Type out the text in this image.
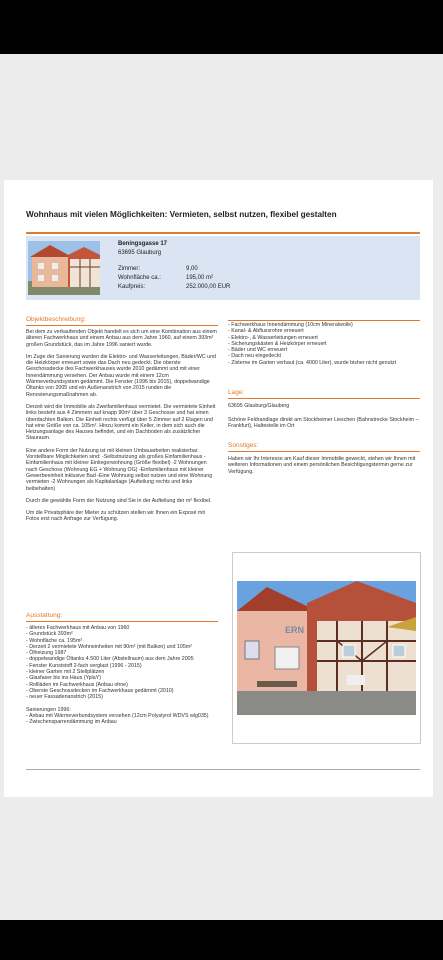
Wohnhaus mit vielen Möglichkeiten: Vermieten, selbst nutzen, flexibel gestalten
Beningsgasse 17
63695 Glauburg
Zimmer:	9,00
Wohnfläche ca.:	195,00 m²
Kaufpreis:	252.000,00 EUR
Objektbeschreibung:

Bei dem zu verkaufenden Objekt handelt es sich um eine Kombination aus einem älteren Fachwerkhaus und einem Anbau aus dem Jahre 1960, auf einem 393m² großen Grundstück, das im Jahre 1996 saniert wurde.

Im Zuge der Sanierung wurden die Elektro- und Wasserleitungen, Bäder/WC und die Heizkörper erneuert sowie das Dach neu gedeckt. Die oberste Geschossdecke des Fachwerkhauses wurde 2010 gedämmt und mit einer Innendämmung versehen. Der Anbau wurde mit einem 12cm Wärmeverbundsystem gedämmt. Die Fenster (1996 bis 2015), doppelwandige Öltanks von 2005 und ein Außenanstrich von 2015 runden die Renovierungsmaßnahmen ab.

Derzeit wird die Immobilie als Zweifamilienhaus vermietet. Die vermietete Einheit links besteht aus 4 Zimmern auf knapp 90m² über 3 Geschosse und hat einen überdachten Balkon. Die Einheit rechts verfügt über 5 Zimmer auf 2 Etagen und hat eine Größe von ca. 105m². Hinzu kommt ein Keller, in dem sich auch die Heizungsanlage des Hauses befindet, und ein Dachboden als zusätzlicher Stauraum.

Eine andere Form der Nutzung ist mit kleinen Umbauarbeiten realisierbar. Vorstellbare Möglichkeiten sind: -Selbstnutzung als großes Einfamilienhaus -Einfamilienhaus mit kleiner Einliegerwohnung (Größe flexibel) -2 Wohnungen nach Geschoss (Wohnung EG + Wohnung OG) -Einfamilienhaus mit kleiner Gewerbeeinheit inklusive Bad -Eine Wohnung selbst nutzen und eine Wohnung vermieten -2 Wohnungen als Kapitalanlage (Aufteilung rechts und links beibehalten)

Durch die gewählte Form der Nutzung sind Sie in der Aufteilung der m² flexibel.

Um die Privatsphäre der Mieter zu schützen stellen wir Ihnen ein Exposé mit Fotos erst nach Anfrage zur Verfügung.

Ausstattung:
- älteres Fachwerkhaus mit Anbau von 1960
- Grundstück 393m²
- Wohnfläche ca. 195m²
- Derzeit 2 vermietete Wohneinheiten mit 90m² (mit Balkon) und 105m²
- Ölheizung 1987
- doppelwandige Öltanks 4.500 Liter (Abstellraum) aus dem Jahre 2005
- Fenster Kunststoff 2-fach verglast (1996 - 2015)
- kleiner Garten mit 2 Stellplätzen
- Glasfaser bis ins Haus (YplaY)
- Rollläden im Fachwerkhaus (Anbau ohne)
- Oberste Geschossdecken im Fachwerkhaus gedämmt (2010)
- neuer Fassadenanstrich (2015)
Sanierungen 1996:
- Anbau mit Wärmeverbundsystem versehen (12cm Polystyrol WDVS wlg035)
- Zwischensparrendämmung im Anbau
- Fachwerkhaus Innendämmung (10cm Mineralwolle)
- Kanal- & Abflussrohre erneuert
- Elektro-, & Wasserleitungen erneuert
- Sicherungskästen & Heizkörper erneuert
- Bäder und WC erneuert
- Dach neu eingedeckt
- Zisterne im Garten verbaut (ca. 4000 Liter), wurde bisher nicht genutzt
Lage:
63695 Glauburg/Glauberg
Schöne Feldrandlage direkt am Stockheimer Lieschen (Bahnstrecke Stockheim – Frankfurt), Haltestelle im Ort
Sonstiges:
Haben wir Ihr Interesse am Kauf dieser Immobilie geweckt, stehen wir Ihnen mit weiteren Informationen und einem persönlichen Besichtigungstermin gerne zur Verfügung.
ERN
